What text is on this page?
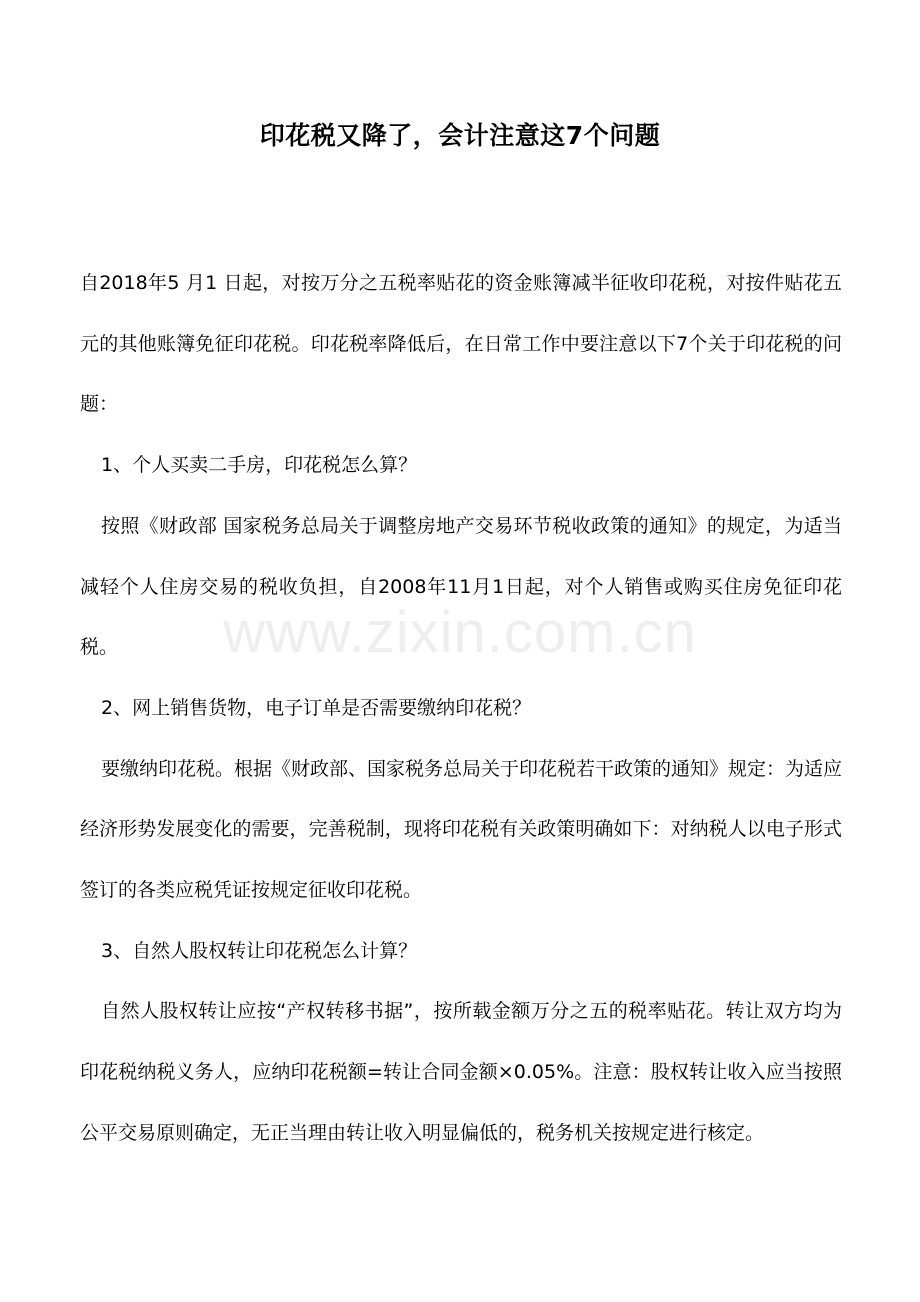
印花税又降了，会计注意这7个问题

自2018年5 月1 日起，对按万分之五税率贴花的资金账簿减半征收印花税，对按件贴花五元的其他账簿免征印花税。印花税率降低后，在日常工作中要注意以下7个关于印花税的问题：

1、个人买卖二手房，印花税怎么算？

按照《财政部 国家税务总局关于调整房地产交易环节税收政策的通知》的规定，为适当减轻个人住房交易的税收负担，自2008年11月1日起，对个人销售或购买住房免征印花税。

2、网上销售货物，电子订单是否需要缴纳印花税？

要缴纳印花税。根据《财政部、国家税务总局关于印花税若干政策的通知》规定：为适应经济形势发展变化的需要，完善税制，现将印花税有关政策明确如下：对纳税人以电子形式签订的各类应税凭证按规定征收印花税。

3、自然人股权转让印花税怎么计算？

自然人股权转让应按“产权转移书据”，按所载金额万分之五的税率贴花。转让双方均为印花税纳税义务人，应纳印花税额=转让合同金额×0.05%。注意：股权转让收入应当按照公平交易原则确定，无正当理由转让收入明显偏低的，税务机关按规定进行核定。

www.zixin.com.cn
